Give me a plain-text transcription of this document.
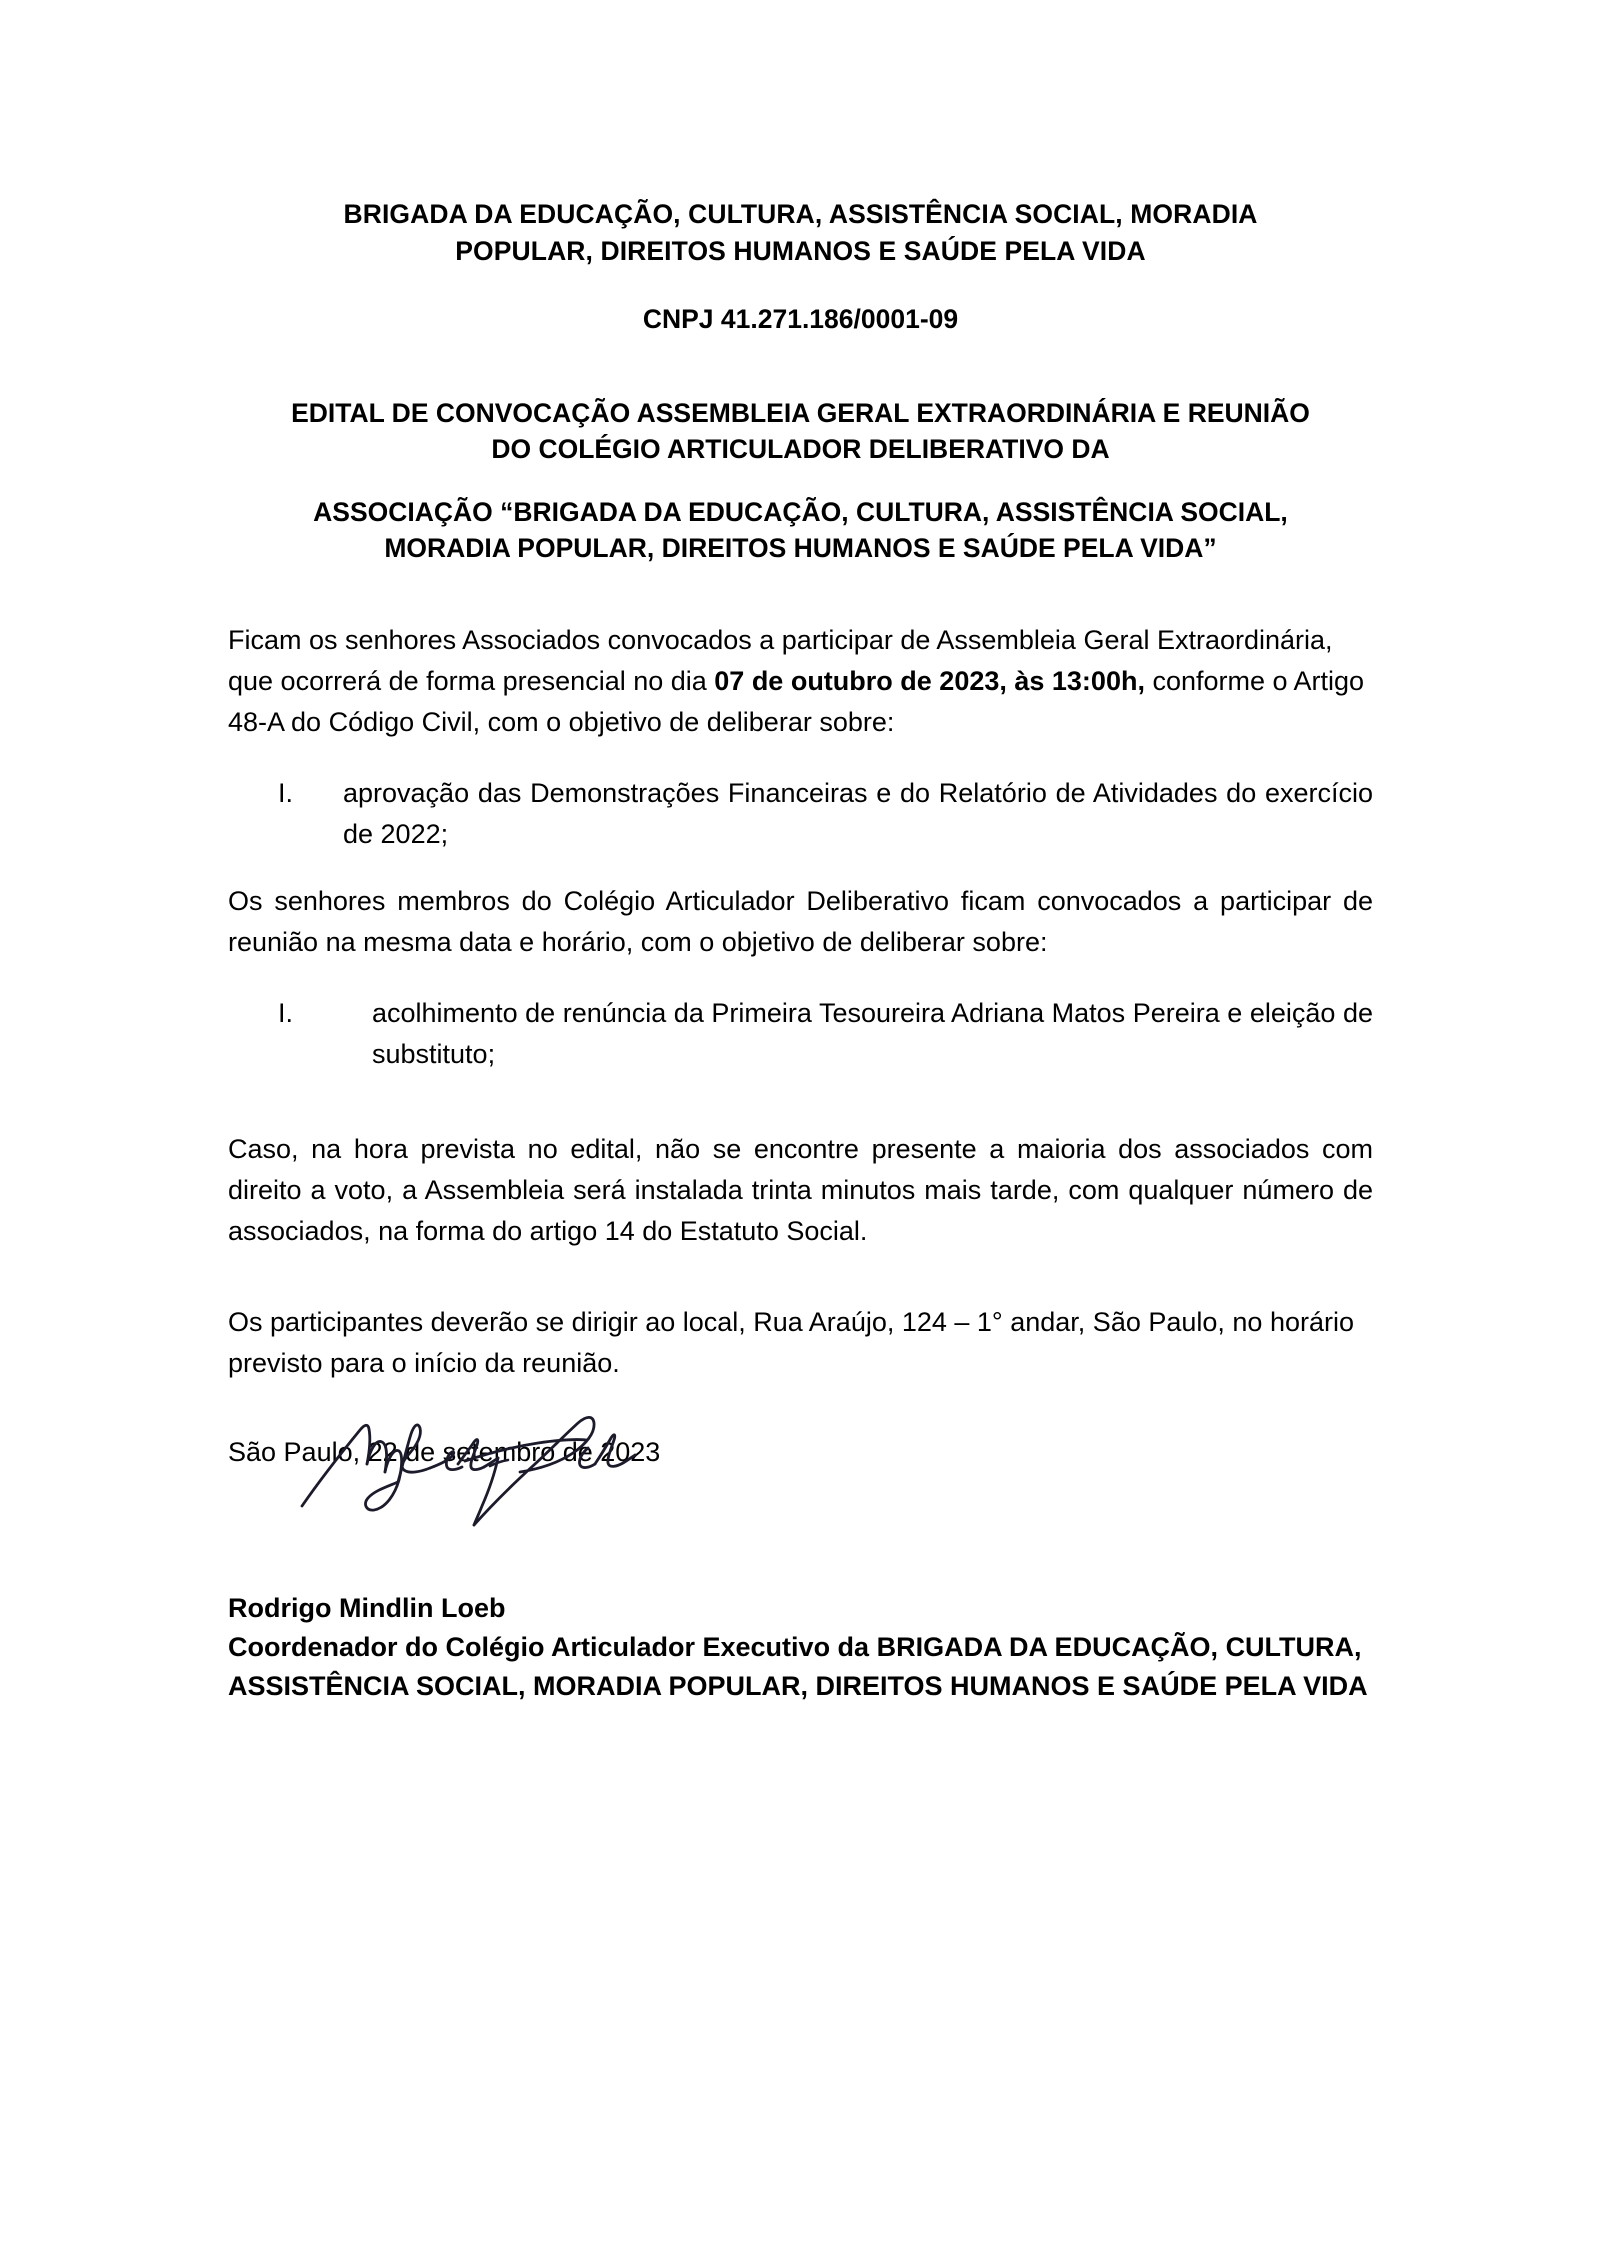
BRIGADA DA EDUCAÇÃO, CULTURA, ASSISTÊNCIA SOCIAL, MORADIA POPULAR, DIREITOS HUMANOS E SAÚDE PELA VIDA
CNPJ 41.271.186/0001-09
EDITAL DE CONVOCAÇÃO ASSEMBLEIA GERAL EXTRAORDINÁRIA E REUNIÃO DO COLÉGIO ARTICULADOR DELIBERATIVO DA
ASSOCIAÇÃO “BRIGADA DA EDUCAÇÃO, CULTURA, ASSISTÊNCIA SOCIAL, MORADIA POPULAR, DIREITOS HUMANOS E SAÚDE PELA VIDA”

Ficam os senhores Associados convocados a participar de Assembleia Geral Extraordinária, que ocorrerá de forma presencial no dia 07 de outubro de 2023, às 13:00h, conforme o Artigo 48-A do Código Civil, com o objetivo de deliberar sobre:

I. aprovação das Demonstrações Financeiras e do Relatório de Atividades do exercício de 2022;

Os senhores membros do Colégio Articulador Deliberativo ficam convocados a participar de reunião na mesma data e horário, com o objetivo de deliberar sobre:

I.	acolhimento de renúncia da Primeira Tesoureira Adriana Matos Pereira e eleição de substituto;

Caso, na hora prevista no edital, não se encontre presente a maioria dos associados com direito a voto, a Assembleia será instalada trinta minutos mais tarde, com qualquer número de associados, na forma do artigo 14 do Estatuto Social.

Os participantes deverão se dirigir ao local, Rua Araújo, 124 – 1° andar, São Paulo, no horário previsto para o início da reunião.

São Paulo, 22 de setembro de 2023

Rodrigo Mindlin Loeb
Coordenador do Colégio Articulador Executivo da BRIGADA DA EDUCAÇÃO, CULTURA,
ASSISTÊNCIA SOCIAL, MORADIA POPULAR, DIREITOS HUMANOS E SAÚDE PELA VIDA
